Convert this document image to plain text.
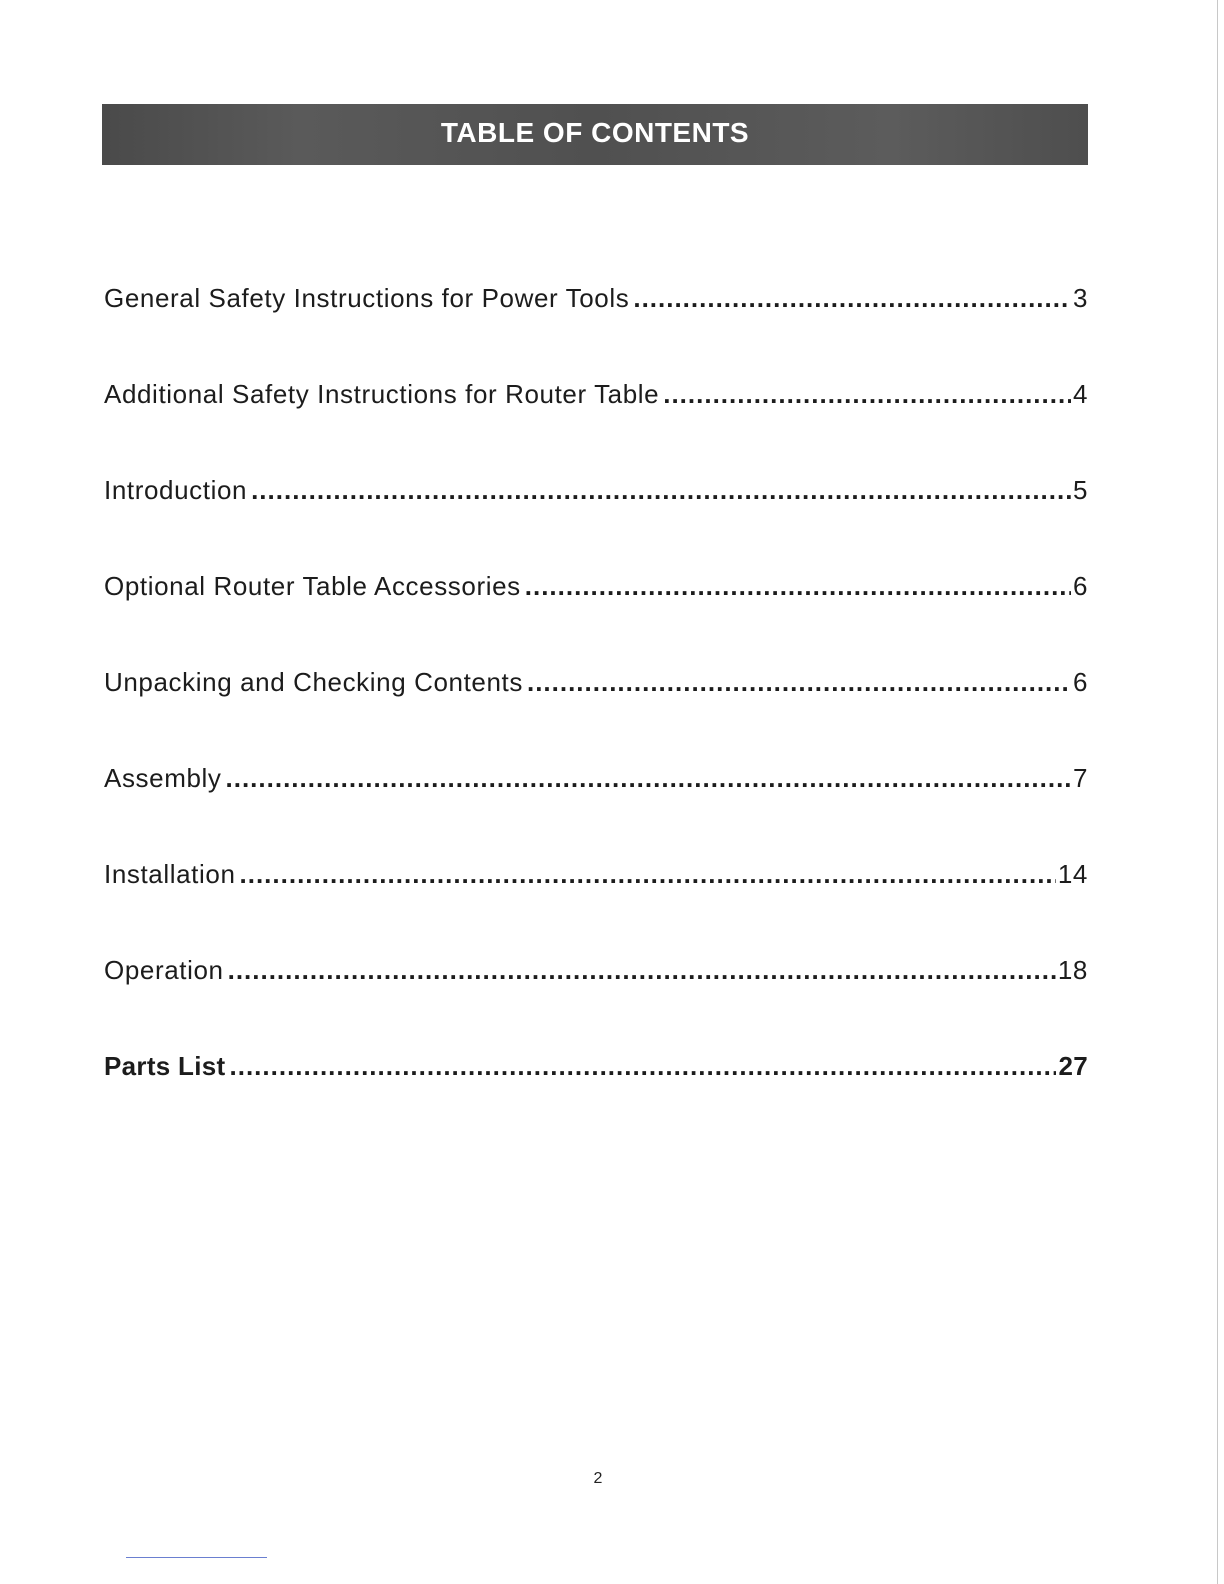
TABLE OF CONTENTS
General Safety Instructions for Power Tools .....	3
Additional Safety Instructions for Router Table .....	4
Introduction .....	5
Optional Router Table Accessories .....	6
Unpacking and Checking Contents .....	6
Assembly .....	7
Installation .....	14
Operation .....	18
Parts List .....	27
2
